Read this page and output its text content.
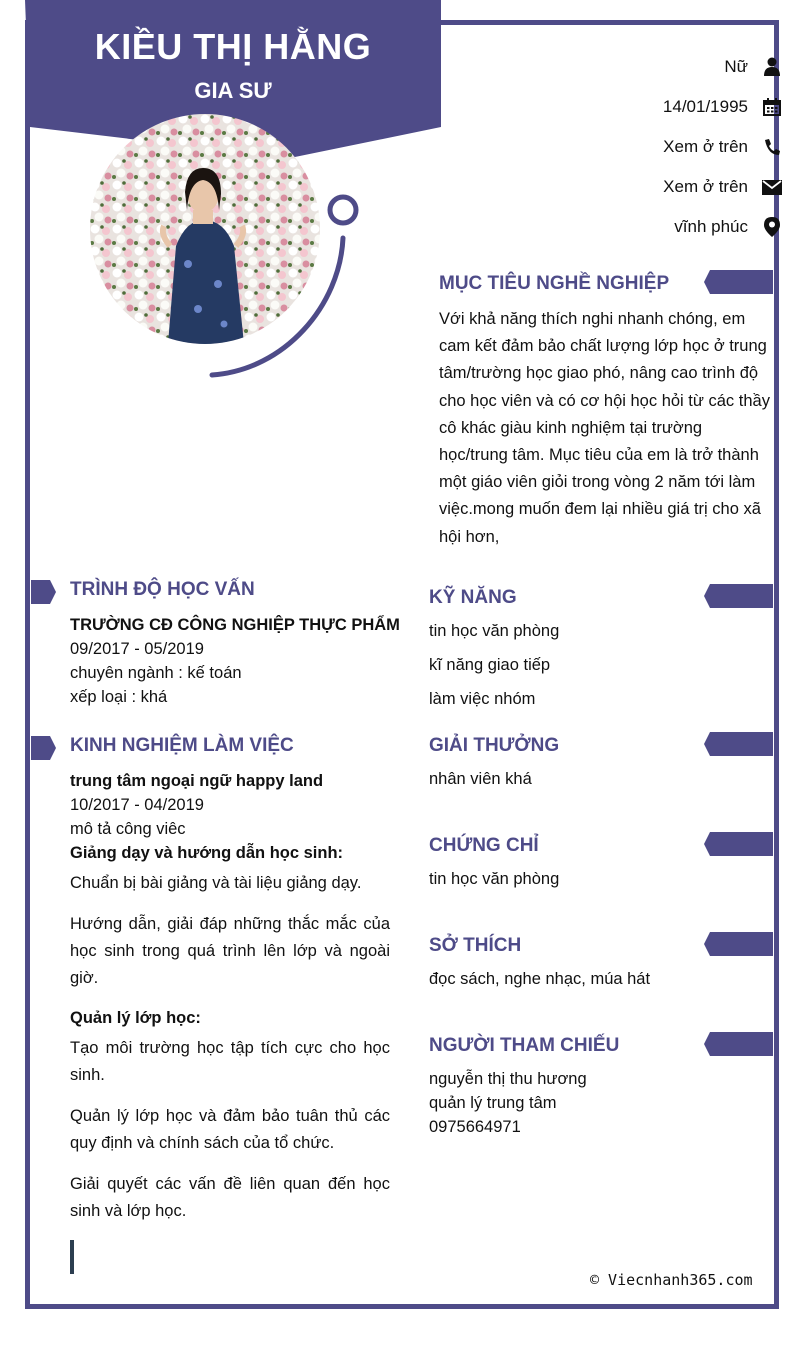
KIỀU THỊ HẰNG
GIA SƯ
Nữ
14/01/1995
Xem ở trên
Xem ở trên
vĩnh phúc
MỤC TIÊU NGHỀ NGHIỆP
Với khả năng thích nghi nhanh chóng, em
cam kết đảm bảo chất lượng lớp học ở trung
tâm/trường học giao phó, nâng cao trình độ
cho học viên và có cơ hội học hỏi từ các thầy
cô khác giàu kinh nghiệm tại trường
học/trung tâm. Mục tiêu của em là trở thành
một giáo viên giỏi trong vòng 2 năm tới làm
việc.mong muốn đem lại nhiều giá trị cho xã
hội hơn,
TRÌNH ĐỘ HỌC VẤN
TRƯỜNG CĐ CÔNG NGHIỆP THỰC PHẨM
09/2017 - 05/2019
chuyên ngành : kế toán
xếp loại : khá
KINH NGHIỆM LÀM VIỆC
trung tâm ngoại ngữ happy land
10/2017 - 04/2019
mô tả công viêc
Giảng dạy và hướng dẫn học sinh:
Chuẩn bị bài giảng và tài liệu giảng dạy.
Hướng dẫn, giải đáp những thắc mắc của học sinh trong quá trình lên lớp và ngoài giờ.
Quản lý lớp học:
Tạo môi trường học tập tích cực cho học sinh.
Quản lý lớp học và đảm bảo tuân thủ các quy định và chính sách của tổ chức.
Giải quyết các vấn đề liên quan đến học sinh và lớp học.
KỸ NĂNG
tin học văn phòng
kĩ năng giao tiếp
làm việc nhóm
GIẢI THƯỞNG
nhân viên khá
CHỨNG CHỈ
tin học văn phòng
SỞ THÍCH
đọc sách, nghe nhạc, múa hát
NGƯỜI THAM CHIẾU
nguyễn thị thu hương
quản lý trung tâm
0975664971
© Viecnhanh365.com
